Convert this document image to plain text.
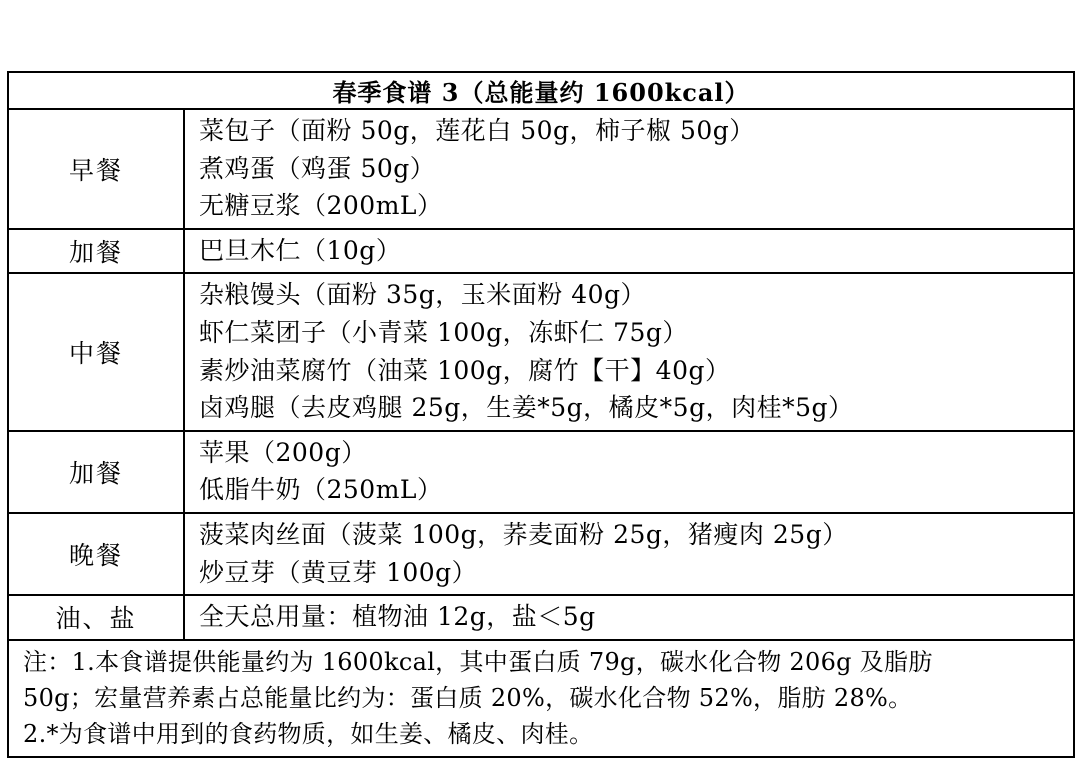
春季食谱 3（总能量约 1600kcal）	
早餐	菜包子（面粉 50g，莲花白 50g，柿子椒 50g）
煮鸡蛋（鸡蛋 50g）
无糖豆浆（200mL）

加餐	巴旦木仁（10g）

中餐	杂粮馒头（面粉 35g，玉米面粉 40g）
虾仁菜团子（小青菜 100g，冻虾仁 75g）
素炒油菜腐竹（油菜 100g，腐竹【干】40g）
卤鸡腿（去皮鸡腿 25g，生姜*5g，橘皮*5g，肉桂*5g）

加餐	苹果（200g）
低脂牛奶（250mL）

晚餐	菠菜肉丝面（菠菜 100g，荞麦面粉 25g，猪瘦肉 25g）
炒豆芽（黄豆芽 100g）

油、盐	全天总用量：植物油 12g，盐＜5g

注：1.本食谱提供能量约为 1600kcal，其中蛋白质 79g，碳水化合物 206g 及脂肪
50g；宏量营养素占总能量比约为：蛋白质 20%，碳水化合物 52%，脂肪 28%。
2.*为食谱中用到的食药物质，如生姜、橘皮、肉桂。	
